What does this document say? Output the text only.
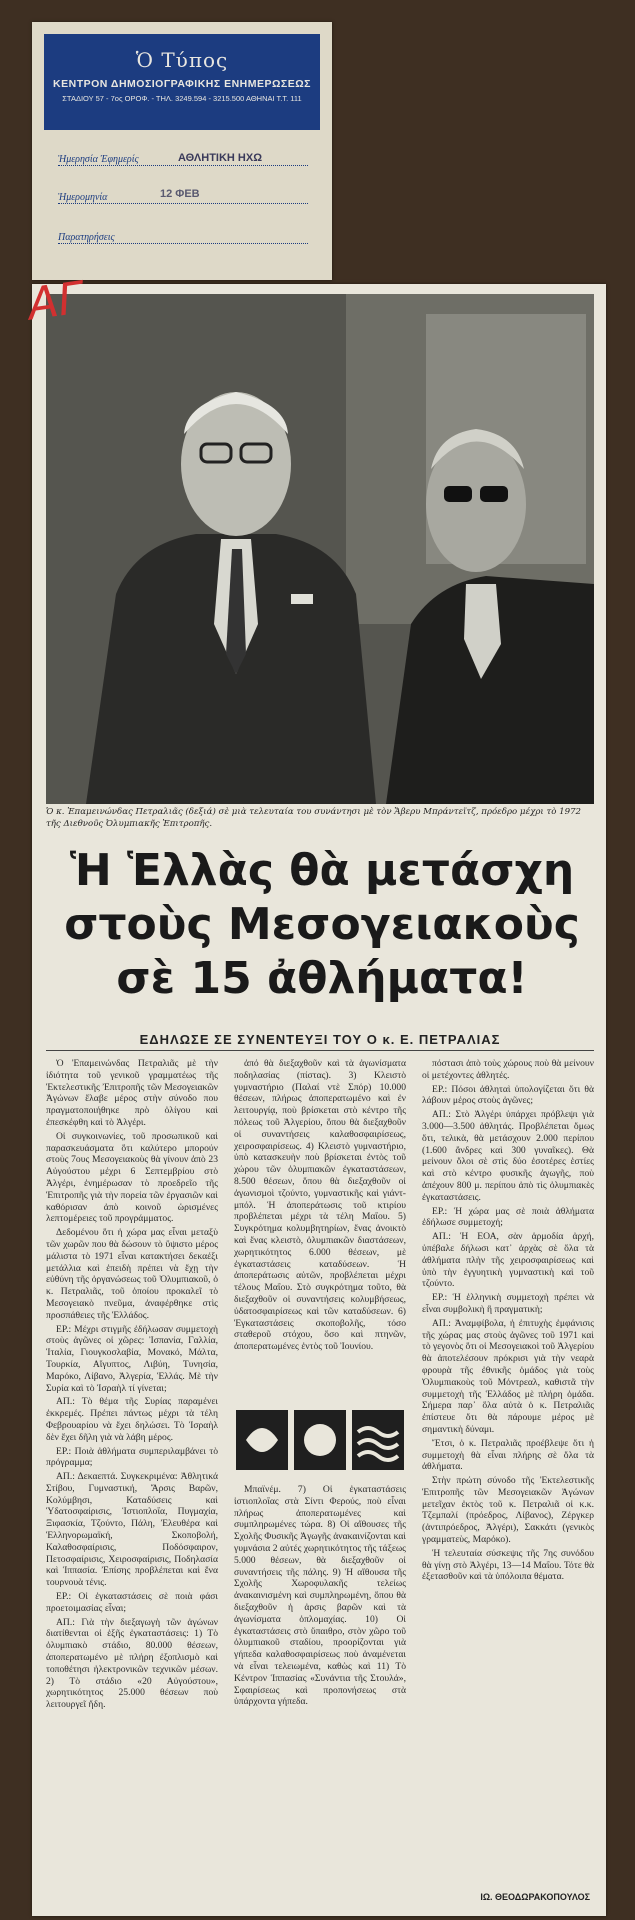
Ὁ Τύπος
ΚΕΝΤΡΟΝ ΔΗΜΟΣΙΟΓΡΑΦΙΚΗΣ ΕΝΗΜΕΡΩΣΕΩΣ
ΣΤΑΔΙΟΥ 57 - 7ος ΟΡΟΦ. - ΤΗΛ. 3249.594 - 3215.500 ΑΘΗΝΑΙ Τ.Τ. 111
Ἡμερησία Ἐφημερίς	ΑΘΛΗΤΙΚΗ ΗΧΩ
Ἡμερομηνία	12 ΦΕΒ
Παρατηρήσεις
Ὁ κ. Ἐπαμεινώνδας Πετραλιᾶς (δεξιά) σὲ μιὰ τελευταία του συνάντησι μὲ τὸν Ἄβερυ Μπράντεϊτζ, πρόεδρο μέχρι τὸ 1972 τῆς Διεθνοῦς Ὀλυμπιακῆς Ἐπιτροπῆς.
Ἡ Ἑλλὰς θὰ μετάσχη
στοὺς Μεσογειακοὺς
σὲ 15 ἀθλήματα!
ΕΔΗΛΩΣΕ ΣΕ ΣΥΝΕΝΤΕΥΞΙ ΤΟΥ Ο κ. Ε. ΠΕΤΡΑΛΙΑΣ

Ὁ Ἐπαμεινώνδας Πετραλιᾶς μὲ τὴν ἰδιότητα τοῦ γενικοῦ γραμματέως τῆς Ἐκτελεστικῆς Ἐπιτροπῆς τῶν Μεσογειακῶν Ἀγώνων ἔλαβε μέρος στὴν σύνοδο που πραγματοποιήθηκε πρὸ ὀλίγου καὶ ἐπεσκέφθη καὶ τὸ Ἀλγέρι.

Οἱ συγκοινωνίες, τοῦ προσωπικοῦ καὶ παρασκευάσματα ὅτι καλύτερο μπορούν στοὺς 7ους Μεσογειακοὺς θὰ γίνουν ἀπὸ 23 Αὐγούστου μέχρι 6 Σεπτεμβρίου στὸ Ἀλγέρι, ἐνημέρωσαν τὸ προεδρεῖο τῆς Ἐπιτροπῆς γιὰ τὴν πορεία τῶν ἐργασιῶν καὶ καθόρισαν ἀπὸ κοινοῦ ὡρισμένες λεπτομέρειες τοῦ προγράμματος.

Δεδομένου ὅτι ἡ χώρα μας εἶναι μεταξὺ τῶν χωρῶν που θὰ δώσουν τὸ ὕψιστο μέρος μάλιστα τὸ 1971 εἶναι κατακτήσει δεκαέξι μετάλλια καὶ ἐπειδὴ πρέπει νὰ ἔχῃ τὴν εὐθύνη τῆς ὀργανώσεως τοῦ Ὀλυμπιακοῦ, ὁ κ. Πετραλιᾶς, τοῦ ὁποίου προκαλεῖ τὸ Μεσογειακὸ πνεῦμα, ἀναφέρθηκε στὶς προσπάθειες τῆς Ἑλλάδος.

ΕΡ.: Μέχρι στιγμῆς ἐδήλωσαν συμμετοχὴ στοὺς ἀγῶνες οἱ χῶρες: Ἰσπανία, Γαλλία, Ἰταλία, Γιουγκοσλαβία, Μονακό, Μάλτα, Τουρκία, Αἴγυπτος, Λιβύη, Τυνησία, Μαρόκο, Λίβανο, Ἀλγερία, Ἑλλάς. Μὲ τὴν Συρία καὶ τὸ Ἰσραὴλ τί γίνεται;

ΑΠ.: Τὸ θέμα τῆς Συρίας παραμένει ἐκκρεμές. Πρέπει πάντως μέχρι τὰ τέλη Φεβρουαρίου νὰ ἔχει δηλώσει. Τὸ Ἰσραὴλ δὲν ἔχει δῆλη γιὰ νὰ λάβη μέρος.

ΕΡ.: Ποιὰ ἀθλήματα συμπεριλαμβάνει τὸ πρόγραμμα;

ΑΠ.: Δεκαεπτά. Συγκεκριμένα: Ἀθλητικά Στίβου, Γυμναστική, Ἄρσις Βαρῶν, Κολύμβησι, Καταδύσεις καὶ Ὑδατοσφαίρισις, Ἱστιοπλοΐα, Πυγμαχία, Ξιφασκία, Τζούντο, Πάλη, Ἐλευθέρα καὶ Ἑλληνορωμαϊκή, Σκοποβολή, Καλαθοσφαίρισις, Ποδόσφαιρον, Πετοσφαίρισις, Χειροσφαίρισις, Ποδηλασία καὶ Ἱππασία. Ἐπίσης προβλέπεται καὶ ἕνα τουρνουὰ τένις.

ΕΡ.: Οἱ ἐγκαταστάσεις σὲ ποιὰ φάσι προετοιμασίας εἶναι;

ΑΠ.: Γιὰ τὴν διεξαγωγὴ τῶν ἀγώνων διατίθενται οἱ ἑξῆς ἐγκαταστάσεις: 1) Τὸ ὀλυμπιακὸ στάδιο, 80.000 θέσεων, ἀποπερατωμένο μὲ πλήρη ἐξοπλισμὸ καὶ τοποθέτησι ἠλεκτρονικῶν τεχνικῶν μέσων. 2) Τὸ στάδιο «20 Αὐγούστου», χωρητικότητος 25.000 θέσεων ποὺ λειτουργεῖ ἤδη.

ἀπό θὰ διεξαχθοῦν καὶ τὰ ἀγωνίσματα ποδηλασίας (πίστας). 3) Κλειστὸ γυμναστήριο (Παλαί ντὲ Σπόρ) 10.000 θέσεων, πλήρως ἀποπερατωμένο καὶ ἐν λειτουργίᾳ, ποὺ βρίσκεται στὸ κέντρο τῆς πόλεως τοῦ Ἀλγερίου, ὅπου θὰ διεξαχθοῦν οἱ συναντήσεις καλαθοσφαιρίσεως, χειροσφαιρίσεως. 4) Κλειστὸ γυμναστήριο, ὑπὸ κατασκευὴν ποὺ βρίσκεται ἐντὸς τοῦ χώρου τῶν ὀλυμπιακῶν ἐγκαταστάσεων, 8.500 θέσεων, ὅπου θὰ διεξαχθοῦν οἱ ἀγωνισμοὶ τζούντο, γυμναστικῆς καὶ γιάντ-μπόλ. Ἡ ἀποπεράτωσις τοῦ κτιρίου προβλέπεται μέχρι τὰ τέλη Μαΐου. 5) Συγκρότημα κολυμβητηρίων, ἕνας ἀνοικτὸ καὶ ἕνας κλειστὸ, ὀλυμπιακῶν διαστάσεων, χωρητικότητος 6.000 θέσεων, μὲ ἐγκαταστάσεις καταδύσεων. Ἡ ἀποπεράτωσις αὐτῶν, προβλέπεται μέχρι τέλους Μαΐου. Στὸ συγκρότημα τοῦτο, θὰ διεξαχθοῦν οἱ συναντήσεις κολυμβήσεως, ὑδατοσφαιρίσεως καὶ τῶν καταδύσεων. 6) Ἐγκαταστάσεις σκοποβολῆς, τόσο σταθεροῦ στόχου, ὅσο καὶ πτηνῶν, ἀποπερατωμένες ἐντὸς τοῦ Ἰουνίου.

Μπαϊνέμ. 7) Οἱ ἐγκαταστάσεις ἱστιοπλοΐας στὰ Σίντι Φερούς, ποὺ εἶναι πλήρως ἀποπερατωμένες καὶ συμπληρωμένες τώρα. 8) Οἱ αἴθουσες τῆς Σχολῆς Φυσικῆς Ἀγωγῆς ἀνακαινίζονται καὶ γυμνάσια 2 αὐτές χωρητικότητος τῆς τάξεως 5.000 θέσεων, θὰ διεξαχθοῦν οἱ συναντήσεις τῆς πάλης. 9) Ἡ αἴθουσα τῆς Σχολῆς Χωροφυλακῆς τελείως ἀνακαινισμένη καὶ συμπληρωμένη, ὅπου θὰ διεξαχθοῦν ἡ ἀρσις βαρῶν καὶ τὰ ἀγωνίσματα ὁπλομαχίας. 10) Οἱ ἐγκαταστάσεις στὸ ὕπαιθρο, στὸν χῶρο τοῦ ὀλυμπιακοῦ σταδίου, προορίζονται γιὰ γήπεδα καλαθοσφαιρίσεως ποὺ ἀναμένεται νὰ εἶναι τελειωμένα, καθὼς καὶ 11) Τὸ Κέντρον Ἱππασίας «Συνάντια τῆς Στουλά», Σφαιρίσεως καὶ προπονήσεως στὰ ὑπάρχοντα γήπεδα.

πόστασι ἀπὸ τοὺς χώρους ποὺ θὰ μείνουν οἱ μετέχοντες ἀθλητές.

ΕΡ.: Πόσοι ἀθληταὶ ὑπολογίζεται ὅτι θὰ λάβουν μέρος στοὺς ἀγῶνες;

ΑΠ.: Στὸ Ἀλγέρι ὑπάρχει πρόβλεψι γιὰ 3.000—3.500 ἀθλητάς. Προβλέπεται ὅμως ὅτι, τελικὰ, θὰ μετάσχουν 2.000 περίπου (1.600 ἄνδρες καὶ 300 γυναῖκες). Θὰ μείνουν ὅλοι σὲ στὶς δύο ἐσοτέρες ἑστίες καὶ στὸ κέντρο φυσικῆς ἀγωγῆς, ποὺ ἀπέχουν 800 μ. περίπου ἀπὸ τὶς ὀλυμπιακὲς ἐγκαταστάσεις.

ΕΡ.: Ἡ χώρα μας σὲ ποιὰ ἀθλήματα ἐδήλωσε συμμετοχή;

ΑΠ.: Ἡ ΕΟΑ, σὰν ἁρμοδία ἀρχή, ὑπέβαλε δήλωσι κατ᾽ ἀρχὰς σὲ ὅλα τὰ ἀθλήματα πλὴν τῆς χειροσφαιρίσεως καὶ ὑπὸ τὴν ἐγγυητικὴ γυμναστικὴ καὶ τοῦ τζούντο.

ΕΡ.: Ἡ ἑλληνικὴ συμμετοχὴ πρέπει νὰ εἶναι συμβολικὴ ἢ πραγματικὴ;

ΑΠ.: Ἀναμφίβολα, ἡ ἐπιτυχὴς ἐμφάνισις τῆς χώρας μας στοὺς ἀγῶνες τοῦ 1971 καὶ τὸ γεγονὸς ὅτι οἱ Μεσογειακοὶ τοῦ Ἀλγερίου θὰ ἀποτελέσουν πρόκρισι γιὰ τὴν νεαρὰ φρουρὰ τῆς ἐθνικῆς ὁμάδος γιὰ τοὺς Ὀλυμπιακοὺς τοῦ Μόντρεαλ, καθιστᾶ τὴν συμμετοχὴ τῆς Ἑλλάδος μὲ πλήρη ὁμάδα. Σήμερα παρ᾽ ὅλα αὐτὰ ὁ κ. Πετραλιᾶς ἐπίστευε ὅτι θὰ πάρουμε μέρος μὲ σημαντικὴ δύναμι.

Ἔτσι, ὁ κ. Πετραλιᾶς προέβλεψε ὅτι ἡ συμμετοχὴ θὰ εἶναι πλήρης σὲ ὅλα τὰ ἀθλήματα.

Στὴν πρώτη σύνοδο τῆς Ἐκτελεστικῆς Ἐπιτροπῆς τῶν Μεσογειακῶν Ἀγώνων μετεῖχαν ἐκτὸς τοῦ κ. Πετραλιᾶ οἱ κ.κ. Τζεμπαλί (πρόεδρος, Λίβανος), Ζέργκερ (ἀντιπρόεδρος, Ἀλγέρι), Σακκάτι (γενικὸς γραμματεὺς, Μαρόκο).

Ἡ τελευταία σύσκεψις τῆς 7ης συνόδου θὰ γίνῃ στὸ Ἀλγέρι, 13—14 Μαΐου. Τότε θὰ ἐξετασθοῦν καὶ τὰ ὑπόλοιπα θέματα.

ΙΩ. ΘΕΟΔΩΡΑΚΟΠΟΥΛΟΣ
ΑΓ
